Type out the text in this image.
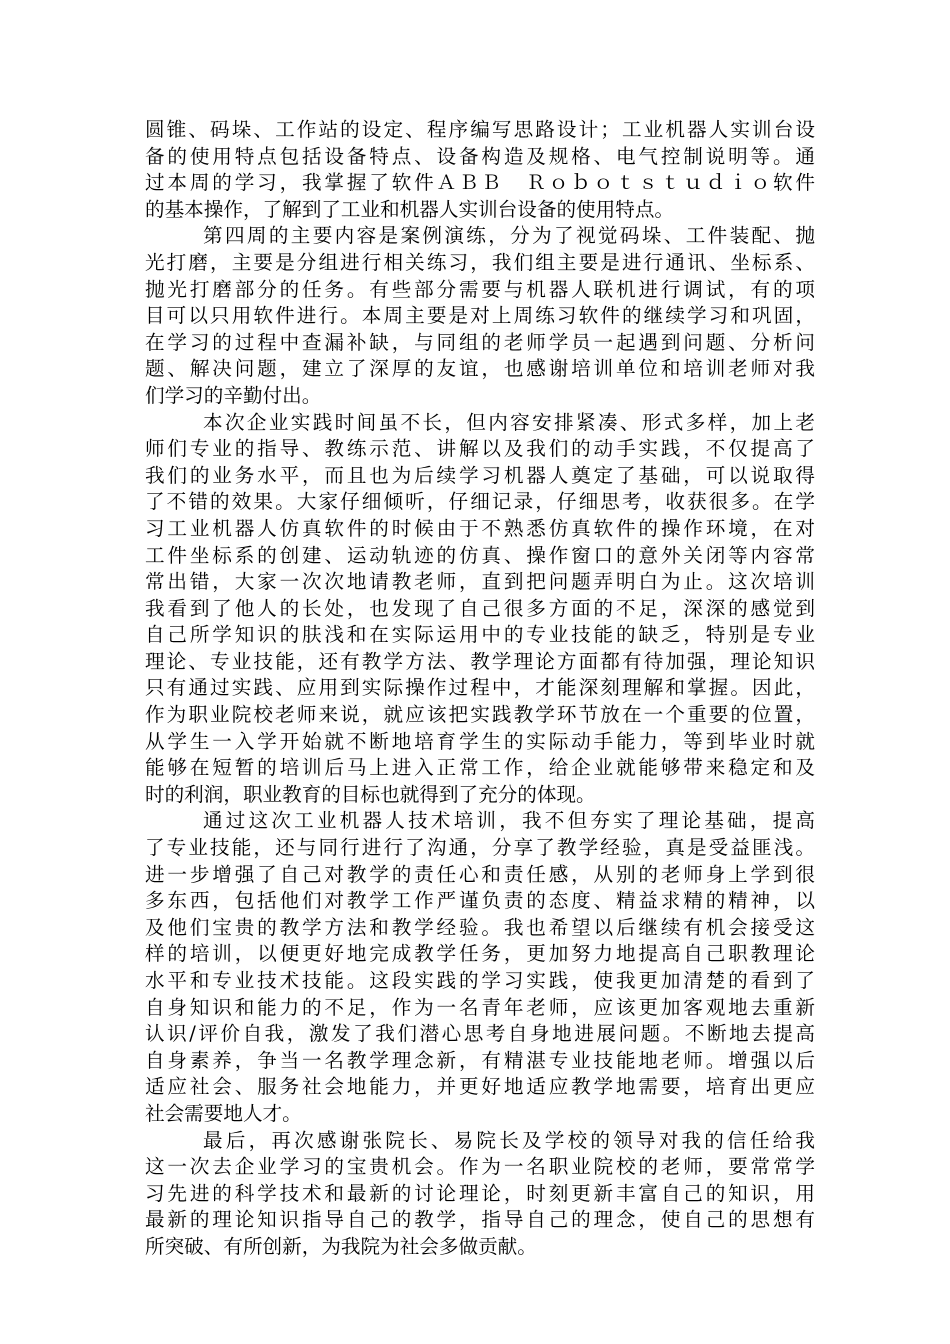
圆锥、码垛、工作站的设定、程序编写思路设计；工业机器人实训台设
备的使用特点包括设备特点、设备构造及规格、电气控制说明等。通
过本周的学习，我掌握了软件ＡＢＢ　Ｒｏｂｏｔｓｔｕｄｉｏ软件
的基本操作，了解到了工业和机器人实训台设备的使用特点。

第四周的主要内容是案例演练，分为了视觉码垛、工件装配、抛
光打磨，主要是分组进行相关练习，我们组主要是进行通讯、坐标系、
抛光打磨部分的任务。有些部分需要与机器人联机进行调试，有的项
目可以只用软件进行。本周主要是对上周练习软件的继续学习和巩固，
在学习的过程中查漏补缺，与同组的老师学员一起遇到问题、分析问
题、解决问题，建立了深厚的友谊，也感谢培训单位和培训老师对我
们学习的辛勤付出。

本次企业实践时间虽不长，但内容安排紧凑、形式多样，加上老
师们专业的指导、教练示范、讲解以及我们的动手实践，不仅提高了
我们的业务水平，而且也为后续学习机器人奠定了基础，可以说取得
了不错的效果。大家仔细倾听，仔细记录，仔细思考，收获很多。在学
习工业机器人仿真软件的时候由于不熟悉仿真软件的操作环境，在对
工件坐标系的创建、运动轨迹的仿真、操作窗口的意外关闭等内容常
常出错，大家一次次地请教老师，直到把问题弄明白为止。这次培训
我看到了他人的长处，也发现了自己很多方面的不足，深深的感觉到
自己所学知识的肤浅和在实际运用中的专业技能的缺乏，特别是专业
理论、专业技能，还有教学方法、教学理论方面都有待加强，理论知识
只有通过实践、应用到实际操作过程中，才能深刻理解和掌握。因此，
作为职业院校老师来说，就应该把实践教学环节放在一个重要的位置，
从学生一入学开始就不断地培育学生的实际动手能力，等到毕业时就
能够在短暂的培训后马上进入正常工作，给企业就能够带来稳定和及
时的利润，职业教育的目标也就得到了充分的体现。

通过这次工业机器人技术培训，我不但夯实了理论基础，提高
了专业技能，还与同行进行了沟通，分享了教学经验，真是受益匪浅。
进一步增强了自己对教学的责任心和责任感，从别的老师身上学到很
多东西，包括他们对教学工作严谨负责的态度、精益求精的精神，以
及他们宝贵的教学方法和教学经验。我也希望以后继续有机会接受这
样的培训，以便更好地完成教学任务，更加努力地提高自己职教理论
水平和专业技术技能。这段实践的学习实践，使我更加清楚的看到了
自身知识和能力的不足，作为一名青年老师，应该更加客观地去重新
认识/评价自我，激发了我们潜心思考自身地进展问题。不断地去提高
自身素养，争当一名教学理念新，有精湛专业技能地老师。增强以后
适应社会、服务社会地能力，并更好地适应教学地需要，培育出更应
社会需要地人才。

最后，再次感谢张院长、易院长及学校的领导对我的信任给我
这一次去企业学习的宝贵机会。作为一名职业院校的老师，要常常学
习先进的科学技术和最新的讨论理论，时刻更新丰富自己的知识，用
最新的理论知识指导自己的教学，指导自己的理念，使自己的思想有
所突破、有所创新，为我院为社会多做贡献。
